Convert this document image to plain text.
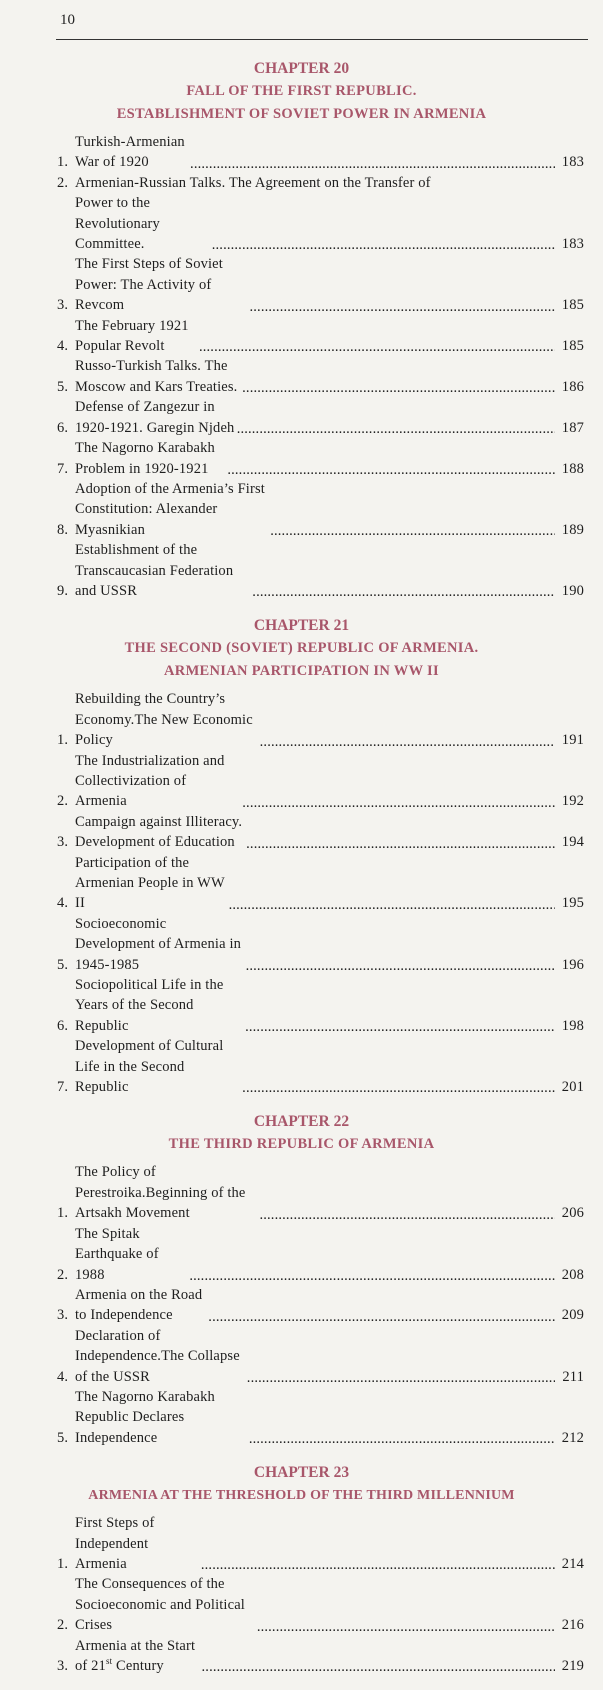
10
CHAPTER 20
FALL OF THE FIRST REPUBLIC.
ESTABLISHMENT OF SOVIET POWER IN ARMENIA
1.
Turkish-Armenian War of 1920 .....	183
2. Armenian-Russian Talks. The Agreement on the Transfer of
Power to the Revolutionary Committee. .....	183
3.
The First Steps of Soviet Power: The Activity of Revcom .....	185
4.
The February 1921 Popular Revolt .....	185
5.
Russo-Turkish Talks. The Moscow and Kars Treaties. .....	186
6.
Defense of Zangezur in 1920-1921. Garegin Njdeh .....	187
7.
The Nagorno Karabakh Problem in 1920-1921 .....	188
8.
Adoption of the Armenia’s First Constitution: Alexander Myasnikian .....	189
9.
Establishment of the Transcaucasian Federation and USSR .....	190
CHAPTER 21
THE SECOND (SOVIET) REPUBLIC OF ARMENIA.
ARMENIAN PARTICIPATION IN WW II
1.
Rebuilding the Country’s Economy.The New Economic Policy .....	191
2.
The Industrialization and Collectivization of Armenia .....	192
3.
Campaign against Illiteracy. Development of Education .....	194
4.
Participation of the Armenian People in WW II .....	195
5.
Socioeconomic Development of Armenia in 1945-1985 .....	196
6.
Sociopolitical Life in the Years of the Second Republic .....	198
7.
Development of Cultural Life in the Second Republic .....	201
CHAPTER 22
THE THIRD REPUBLIC OF ARMENIA
1.
The Policy of Perestroika.Beginning of the Artsakh Movement .....	206
2.
The Spitak Earthquake of 1988 .....	208
3.
Armenia on the Road to Independence .....	209
4.
Declaration of Independence.The Collapse of the USSR .....	211
5.
The Nagorno Karabakh Republic Declares Independence .....	212
CHAPTER 23
ARMENIA AT THE THRESHOLD OF THE THIRD MILLENNIUM
1.
First Steps of Independent Armenia .....	214
2.
The Consequences of the Socioeconomic and Political Crises .....	216
3.
Armenia at the Start of 21st Century .....	219
